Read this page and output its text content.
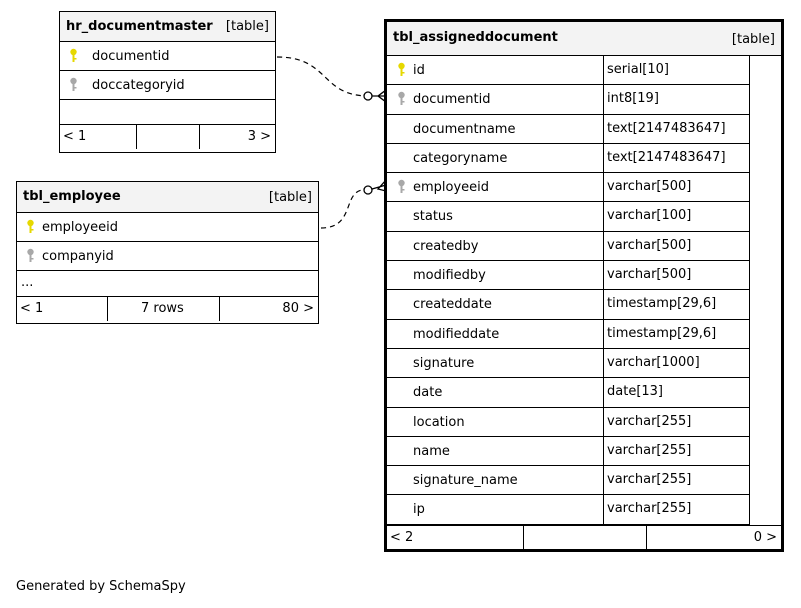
hr_documentmaster [table]
documentid
doccategoryid
< 1	3 >
tbl_employee	[table]
employeeid
companyid
...
< 1	7 rows	80 >
tbl_assigneddocument	[table]
id	serial[10]
documentid	int8[19]
documentname	text[2147483647]
categoryname	text[2147483647]
employeeid	varchar[500]
status	varchar[100]
createdby	varchar[500]
modifiedby	varchar[500]
createddate	timestamp[29,6]
modifieddate	timestamp[29,6]
signature	varchar[1000]
date	date[13]
location	varchar[255]
name	varchar[255]
signature_name	varchar[255]
ip	varchar[255]
< 2	0 >
Generated by SchemaSpy
